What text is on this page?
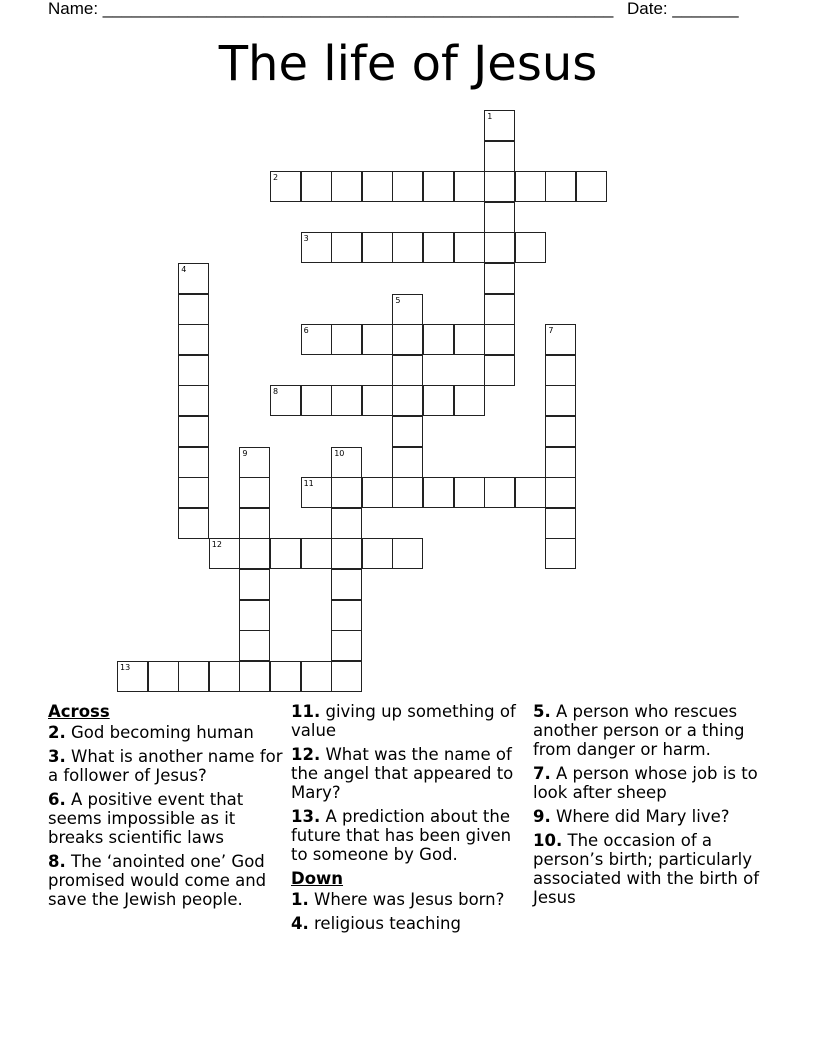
Name: ______________________________________________________ Date: _______
The life of Jesus
1
2
3
4
5
6	7
8
9	10
11
12
13
Across
2. God becoming human
3. What is another name for a follower of Jesus?
6. A positive event that seems impossible as it breaks scientific laws
8. The ‘anointed one’ God promised would come and save the Jewish people.
11. giving up something of value
12. What was the name of the angel that appeared to Mary?
13. A prediction about the future that has been given to someone by God.
Down
1. Where was Jesus born?
4. religious teaching
5. A person who rescues another person or a thing from danger or harm.
7. A person whose job is to look after sheep
9. Where did Mary live?
10. The occasion of a person’s birth; particularly associated with the birth of Jesus
